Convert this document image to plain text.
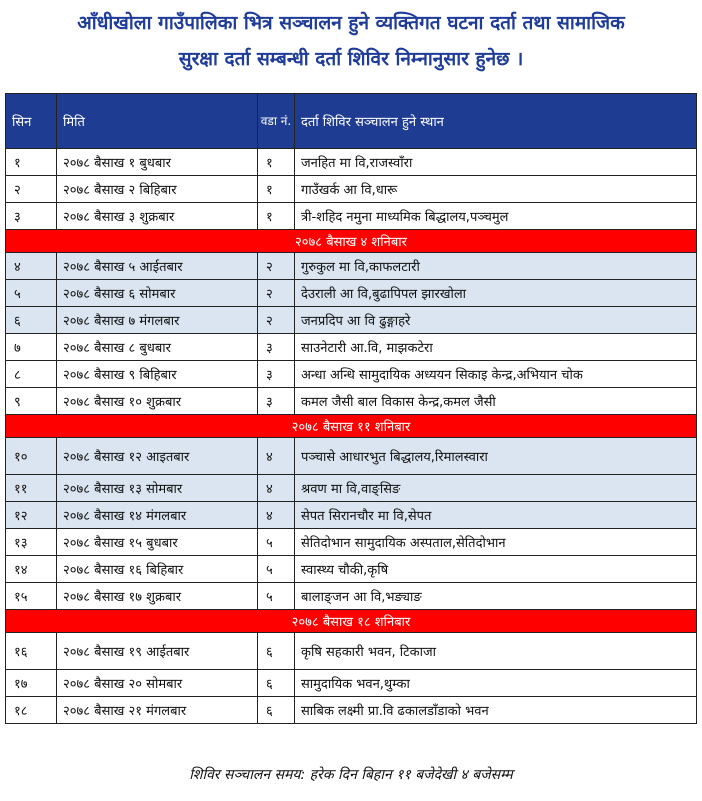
आँधीखोला गाउँपालिका भित्र सञ्चालन हुने व्यक्तिगत घटना दर्ता तथा सामाजिक
सुरक्षा दर्ता सम्बन्धी दर्ता शिविर निम्नानुसार हुनेछ ।
सिन	मिति	वडा नं.	दर्ता शिविर सञ्चालन हुने स्थान
१	२०७८ बैसाख १ बुधबार	१	जनहित मा वि,राजस्वाँरा
२	२०७८ बैसाख २ बिहिबार	१	गाउँखर्क आ वि,धारू
३	२०७८ बैसाख ३ शुक्रबार	१	त्री-शहिद नमुना माध्यमिक बिद्धालय,पञ्चमुल
२०७८ बैसाख ४ शनिबार			
४	२०७८ बैसाख ५ आईतबार	२	गुरुकुल मा वि,काफलटारी
५	२०७८ बैसाख ६ सोमबार	२	देउराली आ वि,बुढापिपल झारखोला
६	२०७८ बैसाख ७ मंगलबार	२	जनप्रदिप आ वि ढुङ्गाहरे
७	२०७८ बैसाख ८ बुधबार	३	साउनेटारी आ.वि, माझकटेरा
८	२०७८ बैसाख ९ बिहिबार	३	अन्धा अन्धि सामुदायिक अध्ययन सिकाइ केन्द्र,अभियान चोक
९	२०७८ बैसाख १० शुक्रबार	३	कमल जैसी बाल विकास केन्द्र,कमल जैसी
२०७८ बैसाख ११ शनिबार			
१०	२०७८ बैसाख १२ आइतबार	४	पञ्चासे आधारभुत बिद्धालय,रिमालस्वारा
११	२०७८ बैसाख १३ सोमबार	४	श्रवण मा वि,वाङ्सिङ
१२	२०७८ बैसाख १४ मंगलबार	४	सेपत सिरानचौर मा वि,सेपत
१३	२०७८ बैसाख १५ बुधबार	५	सेतिदोभान सामुदायिक अस्पताल,सेतिदोभान
१४	२०७८ बैसाख १६ बिहिबार	५	स्वास्थ्य चौकी,कृषि
१५	२०७८ बैसाख १७ शुक्रबार	५	बालाङ्जन आ वि,भङ्याङ
२०७८ बैसाख १८ शनिबार			
१६	२०७८ बैसाख १९ आईतबार	६	कृषि सहकारी भवन, टिकाजा
१७	२०७८ बैसाख २० सोमबार	६	सामुदायिक भवन,थुम्का
१८	२०७८ बैसाख २१ मंगलबार	६	साबिक लक्ष्मी प्रा.वि ढकालडाँडाको भवन
शिविर सञ्चालन समय: हरेक दिन बिहान ११ बजेदेखी ४ बजेसम्म
